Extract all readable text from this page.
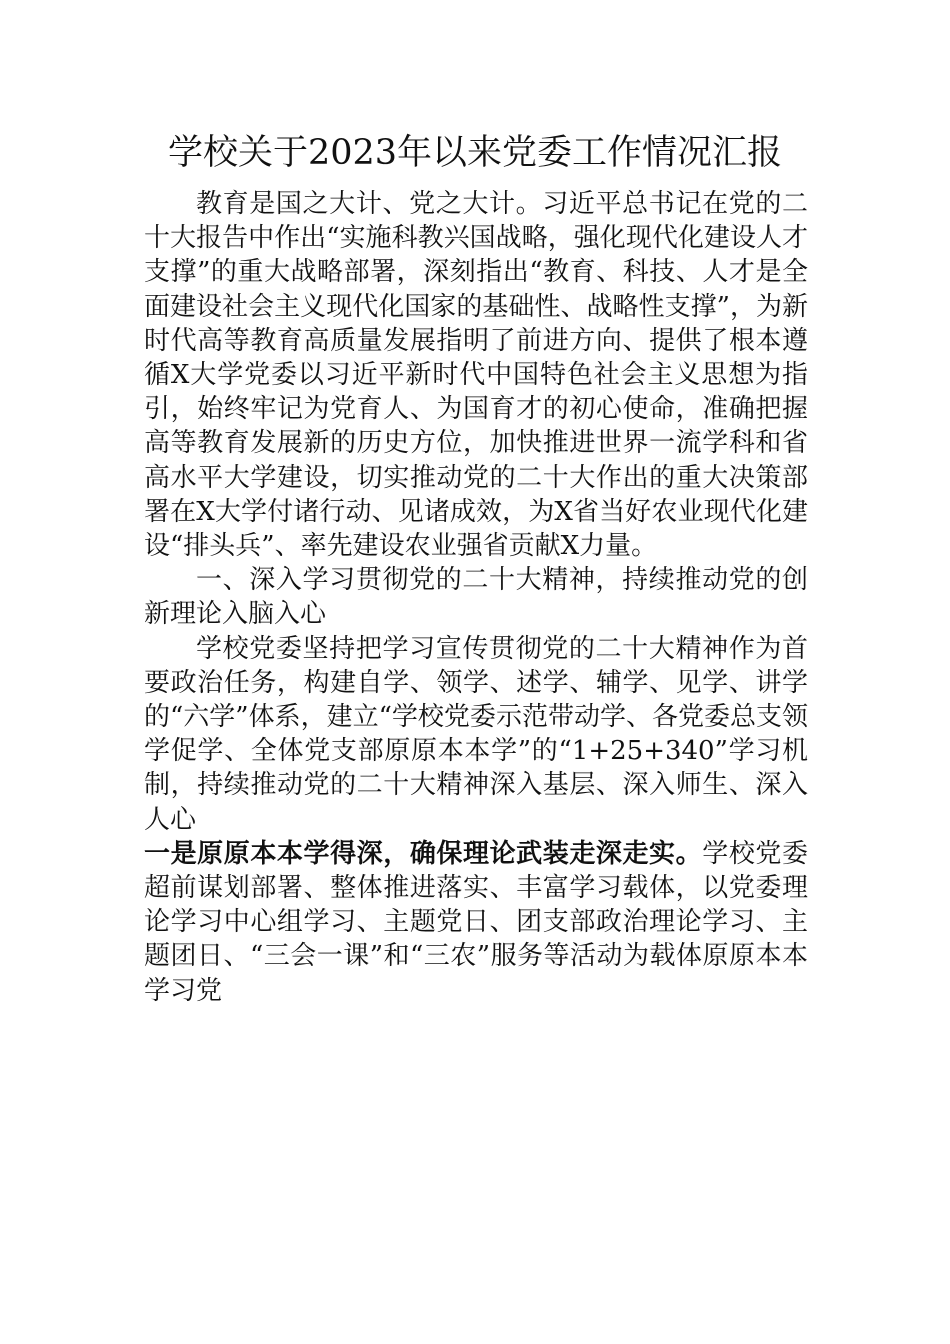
学校关于2023年以来党委工作情况汇报

教育是国之大计、党之大计。习近平总书记在党的二十大报告中作出“实施科教兴国战略，强化现代化建设人才支撑”的重大战略部署，深刻指出“教育、科技、人才是全面建设社会主义现代化国家的基础性、战略性支撑”，为新时代高等教育高质量发展指明了前进方向、提供了根本遵循X大学党委以习近平新时代中国特色社会主义思想为指引，始终牢记为党育人、为国育才的初心使命，准确把握高等教育发展新的历史方位，加快推进世界一流学科和省高水平大学建设，切实推动党的二十大作出的重大决策部署在X大学付诸行动、见诸成效，为X省当好农业现代化建设“排头兵”、率先建设农业强省贡献X力量。

一、深入学习贯彻党的二十大精神，持续推动党的创新理论入脑入心

学校党委坚持把学习宣传贯彻党的二十大精神作为首要政治任务，构建自学、领学、述学、辅学、见学、讲学的“六学”体系，建立“学校党委示范带动学、各党委总支领学促学、全体党支部原原本本学”的“1+25+340”学习机制，持续推动党的二十大精神深入基层、深入师生、深入人心

一是原原本本学得深，确保理论武装走深走实。学校党委超前谋划部署、整体推进落实、丰富学习载体，以党委理论学习中心组学习、主题党日、团支部政治理论学习、主题团日、“三会一课”和“三农”服务等活动为载体原原本本学习党
